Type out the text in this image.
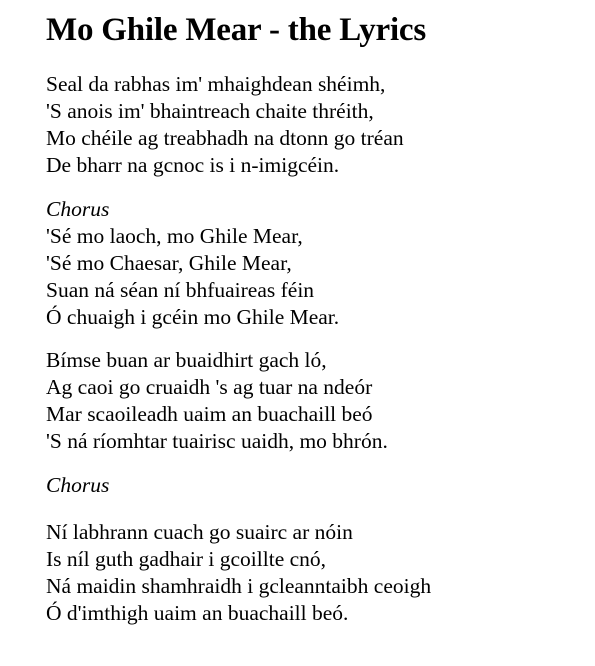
Mo Ghile Mear - the Lyrics
Seal da rabhas im' mhaighdean shéimh,
'S anois im' bhaintreach chaite thréith,
Mo chéile ag treabhadh na dtonn go tréan
De bharr na gcnoc is i n-imigcéin.
Chorus
'Sé mo laoch, mo Ghile Mear,
'Sé mo Chaesar, Ghile Mear,
Suan ná séan ní bhfuaireas féin
Ó chuaigh i gcéin mo Ghile Mear.
Bímse buan ar buaidhirt gach ló,
Ag caoi go cruaidh 's ag tuar na ndeór
Mar scaoileadh uaim an buachaill beó
'S ná ríomhtar tuairisc uaidh, mo bhrón.
Chorus
Ní labhrann cuach go suairc ar nóin
Is níl guth gadhair i gcoillte cnó,
Ná maidin shamhraidh i gcleanntaibh ceoigh
Ó d'imthigh uaim an buachaill beó.
